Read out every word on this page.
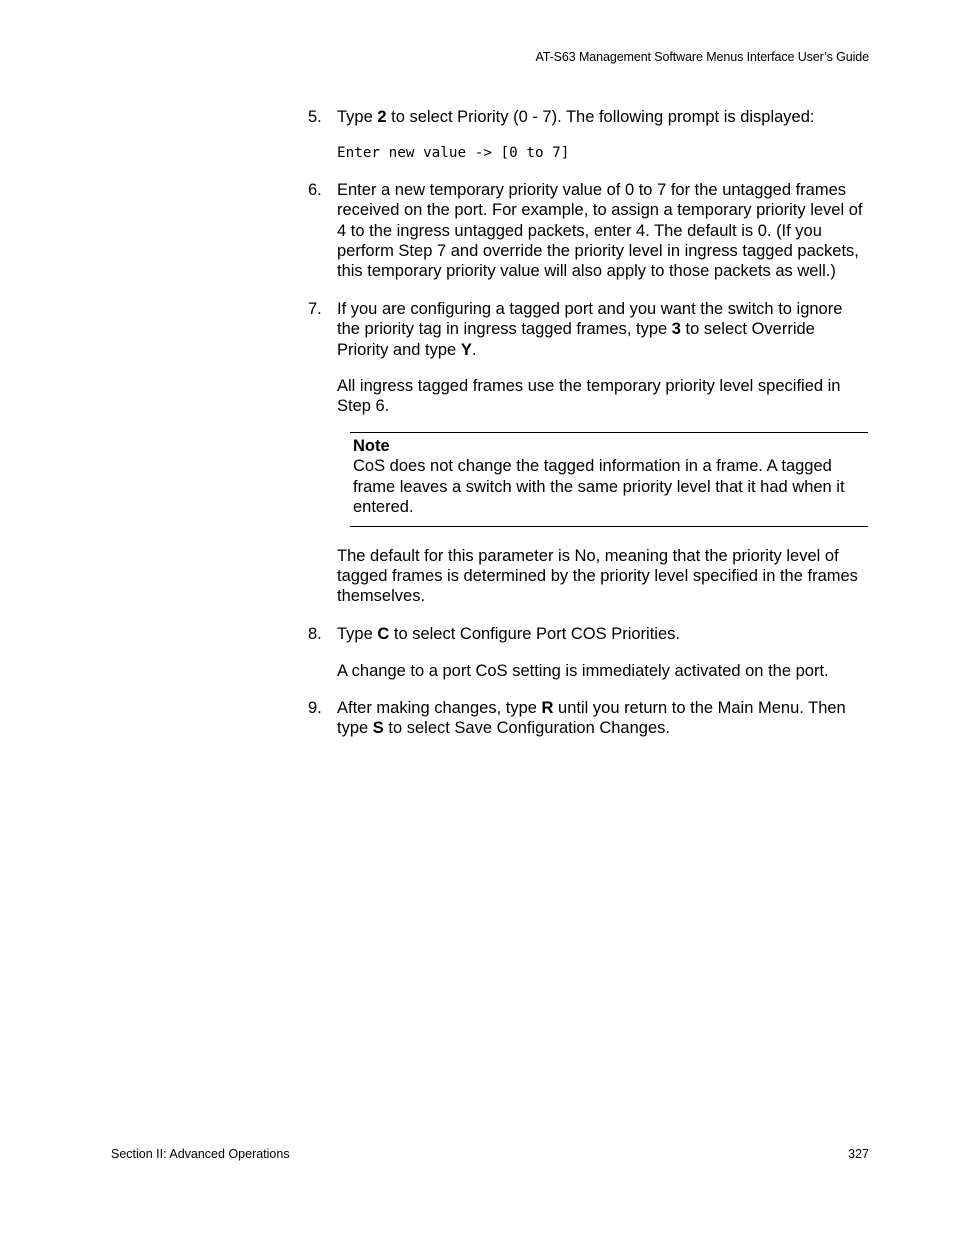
AT-S63 Management Software Menus Interface User’s Guide
5. Type 2 to select Priority (0 - 7). The following prompt is displayed:
Enter new value -> [0 to 7]
6. Enter a new temporary priority value of 0 to 7 for the untagged frames received on the port. For example, to assign a temporary priority level of 4 to the ingress untagged packets, enter 4. The default is 0. (If you perform Step 7 and override the priority level in ingress tagged packets, this temporary priority value will also apply to those packets as well.)
7. If you are configuring a tagged port and you want the switch to ignore the priority tag in ingress tagged frames, type 3 to select Override Priority and type Y.

All ingress tagged frames use the temporary priority level specified in Step 6.

Note
CoS does not change the tagged information in a frame. A tagged frame leaves a switch with the same priority level that it had when it entered.

The default for this parameter is No, meaning that the priority level of tagged frames is determined by the priority level specified in the frames themselves.

8. Type C to select Configure Port COS Priorities.

A change to a port CoS setting is immediately activated on the port.

9. After making changes, type R until you return to the Main Menu. Then type S to select Save Configuration Changes.
Section II: Advanced Operations	327
